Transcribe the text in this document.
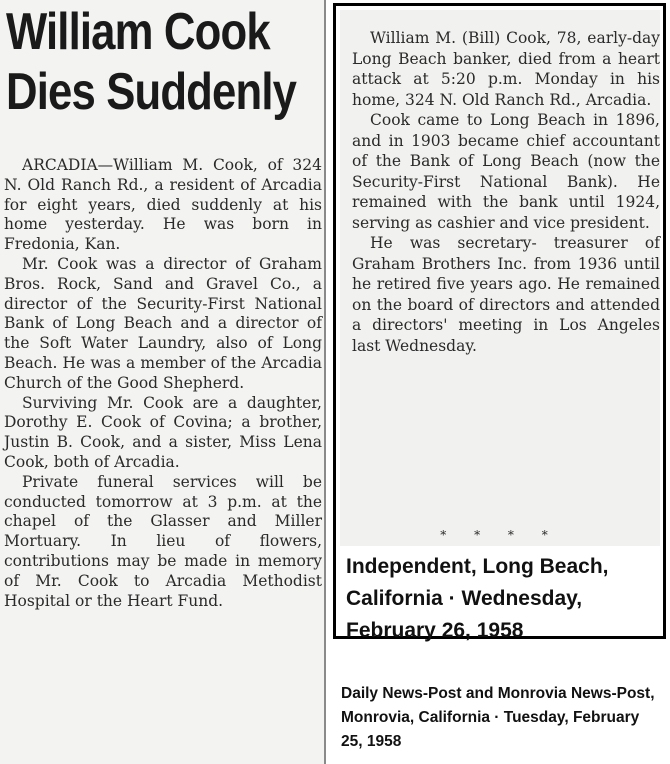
William Cook
Dies Suddenly

ARCADIA—William M. Cook, of 324 N. Old Ranch Rd., a resident of Arcadia for eight years, died suddenly at his home yesterday. He was born in Fredonia, Kan.

Mr. Cook was a director of Graham Bros. Rock, Sand and Gravel Co., a director of the Security-First National Bank of Long Beach and a director of the Soft Water Laundry, also of Long Beach. He was a member of the Arcadia Church of the Good Shepherd.

Surviving Mr. Cook are a daughter, Dorothy E. Cook of Covina; a brother, Justin B. Cook, and a sister, Miss Lena Cook, both of Arcadia.

Private funeral services will be conducted tomorrow at 3 p.m. at the chapel of the Glasser and Miller Mortuary. In lieu of flowers, contributions may be made in memory of Mr. Cook to Arcadia Methodist Hospital or the Heart Fund.

William M. (Bill) Cook, 78, early-day Long Beach banker, died from a heart attack at 5:20 p.m. Monday in his home, 324 N. Old Ranch Rd., Arcadia.

Cook came to Long Beach in 1896, and in 1903 became chief accountant of the Bank of Long Beach (now the Security-First National Bank). He remained with the bank until 1924, serving as cashier and vice president.

He was secretary- treasurer of Graham Brothers Inc. from 1936 until he retired five years ago. He remained on the board of directors and attended a directors' meeting in Los Angeles last Wednesday.

* * * *
Independent, Long Beach, California · Wednesday, February 26, 1958
Daily News-Post and Monrovia News-Post, Monrovia, California · Tuesday, February 25, 1958
